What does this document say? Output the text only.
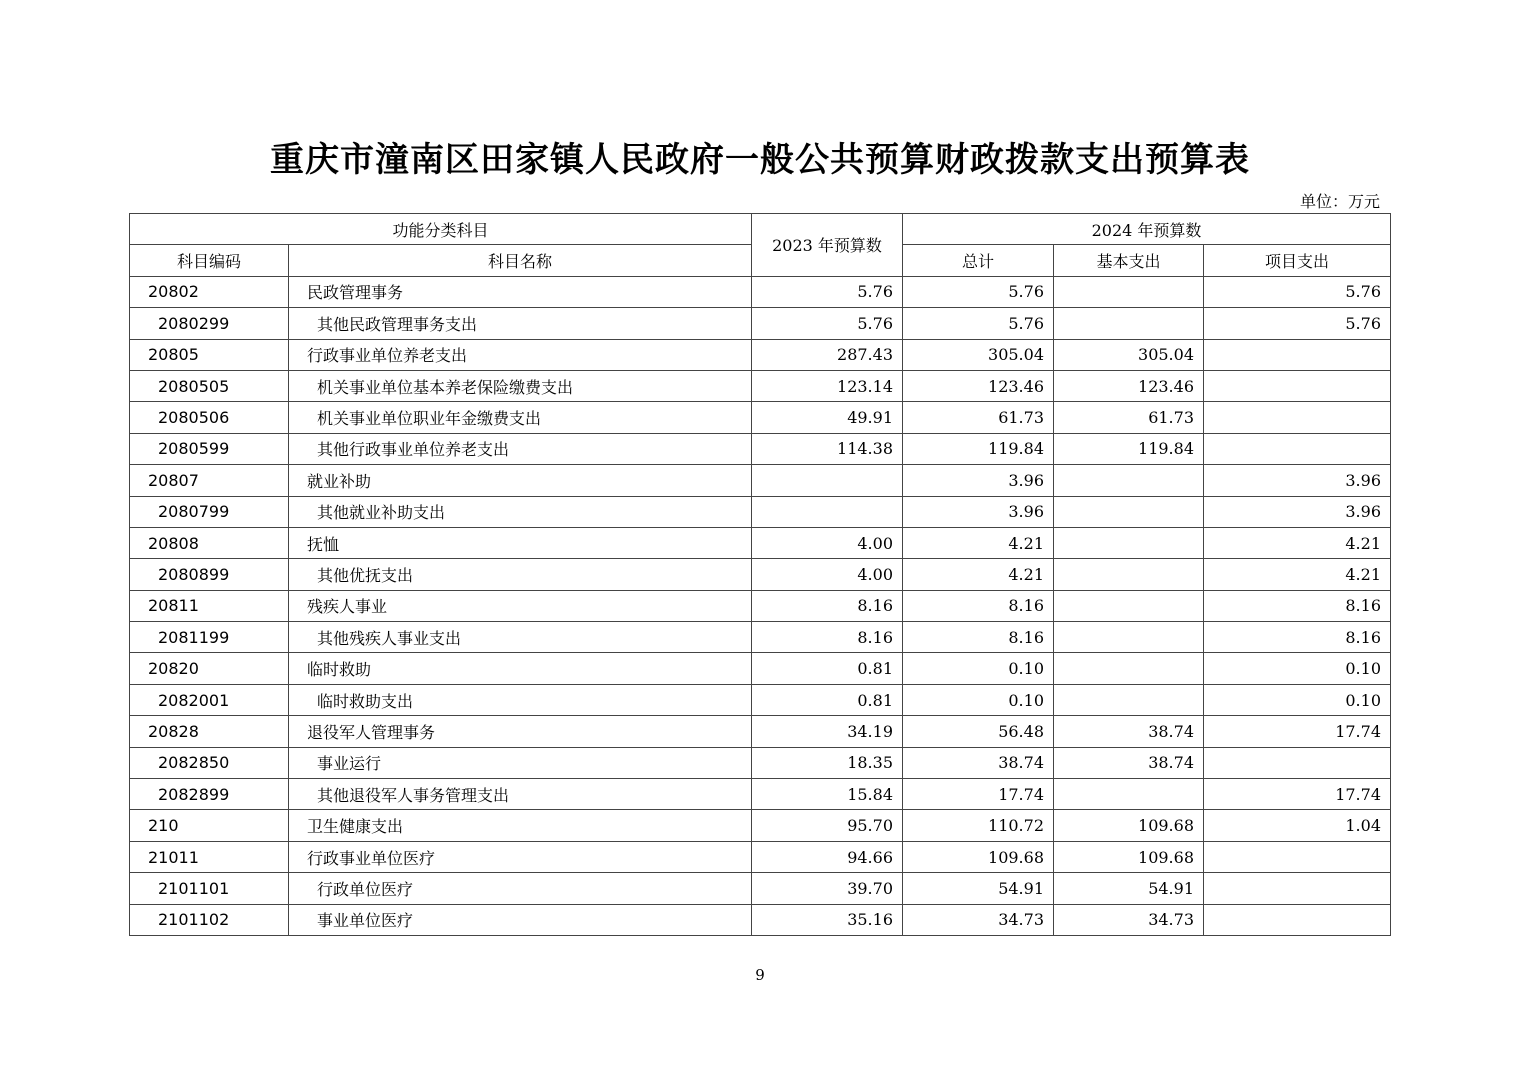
重庆市潼南区田家镇人民政府一般公共预算财政拨款支出预算表
单位：万元
功能分类科目		2023 年预算数	2024 年预算数		
科目编码	科目名称		总计	基本支出	项目支出
20802	民政管理事务	5.76	5.76		5.76
2080299	其他民政管理事务支出	5.76	5.76		5.76
20805	行政事业单位养老支出	287.43	305.04	305.04	
2080505	机关事业单位基本养老保险缴费支出	123.14	123.46	123.46	
2080506	机关事业单位职业年金缴费支出	49.91	61.73	61.73	
2080599	其他行政事业单位养老支出	114.38	119.84	119.84	
20807	就业补助		3.96		3.96
2080799	其他就业补助支出		3.96		3.96
20808	抚恤	4.00	4.21		4.21
2080899	其他优抚支出	4.00	4.21		4.21
20811	残疾人事业	8.16	8.16		8.16
2081199	其他残疾人事业支出	8.16	8.16		8.16
20820	临时救助	0.81	0.10		0.10
2082001	临时救助支出	0.81	0.10		0.10
20828	退役军人管理事务	34.19	56.48	38.74	17.74
2082850	事业运行	18.35	38.74	38.74	
2082899	其他退役军人事务管理支出	15.84	17.74		17.74
210	卫生健康支出	95.70	110.72	109.68	1.04
21011	行政事业单位医疗	94.66	109.68	109.68	
2101101	行政单位医疗	39.70	54.91	54.91	
2101102	事业单位医疗	35.16	34.73	34.73	
9
